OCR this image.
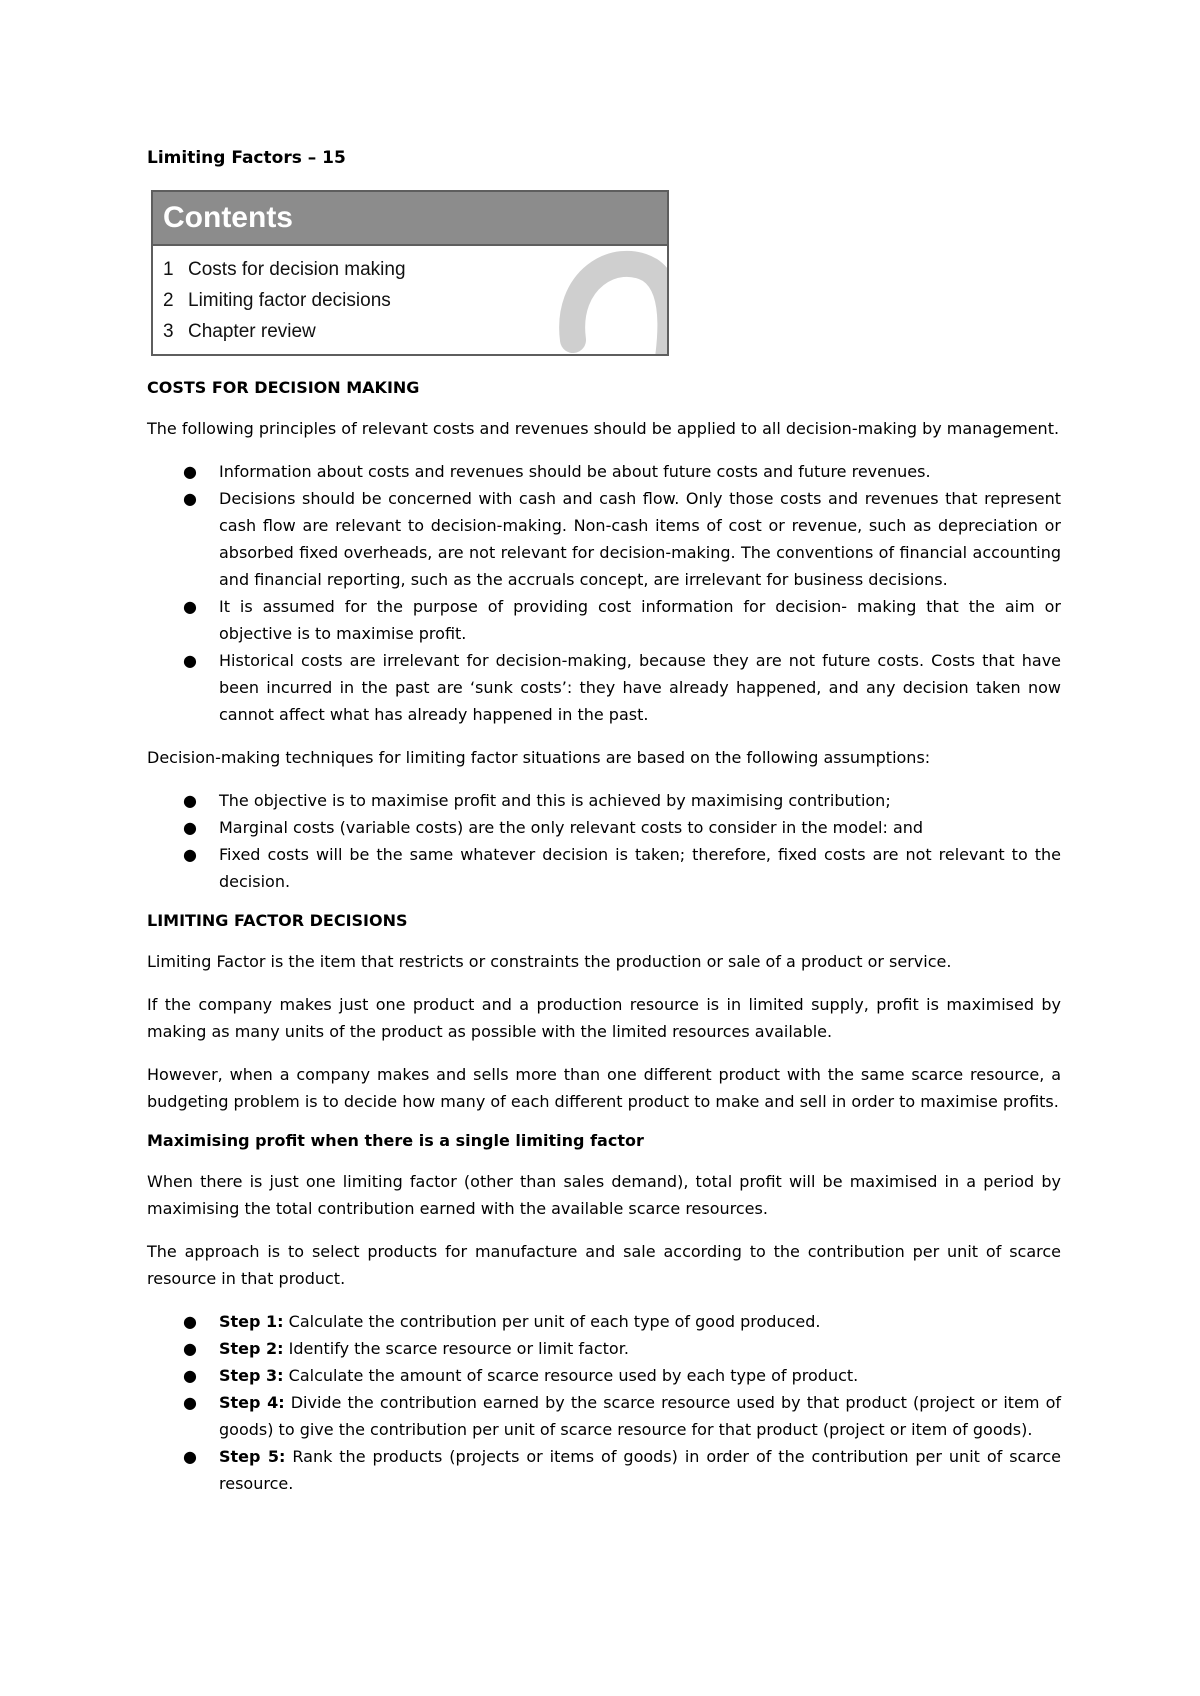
Limiting Factors – 15
Contents
1 Costs for decision making
2 Limiting factor decisions
3 Chapter review
COSTS FOR DECISION MAKING

The following principles of relevant costs and revenues should be applied to all decision-making by management.

● Information about costs and revenues should be about future costs and future revenues.
● Decisions should be concerned with cash and cash flow. Only those costs and revenues that represent cash flow are relevant to decision-making. Non-cash items of cost or revenue, such as depreciation or absorbed fixed overheads, are not relevant for decision-making. The conventions of financial accounting and financial reporting, such as the accruals concept, are irrelevant for business decisions.
● It is assumed for the purpose of providing cost information for decision- making that the aim or objective is to maximise profit.
● Historical costs are irrelevant for decision-making, because they are not future costs. Costs that have been incurred in the past are ‘sunk costs’: they have already happened, and any decision taken now cannot affect what has already happened in the past.

Decision-making techniques for limiting factor situations are based on the following assumptions:

● The objective is to maximise profit and this is achieved by maximising contribution;
● Marginal costs (variable costs) are the only relevant costs to consider in the model: and
● Fixed costs will be the same whatever decision is taken; therefore, fixed costs are not relevant to the decision.
LIMITING FACTOR DECISIONS

Limiting Factor is the item that restricts or constraints the production or sale of a product or service.

If the company makes just one product and a production resource is in limited supply, profit is maximised by making as many units of the product as possible with the limited resources available.

However, when a company makes and sells more than one different product with the same scarce resource, a budgeting problem is to decide how many of each different product to make and sell in order to maximise profits.

Maximising profit when there is a single limiting factor

When there is just one limiting factor (other than sales demand), total profit will be maximised in a period by maximising the total contribution earned with the available scarce resources.

The approach is to select products for manufacture and sale according to the contribution per unit of scarce resource in that product.

● Step 1: Calculate the contribution per unit of each type of good produced.
● Step 2: Identify the scarce resource or limit factor.
● Step 3: Calculate the amount of scarce resource used by each type of product.
● Step 4: Divide the contribution earned by the scarce resource used by that product (project or item of goods) to give the contribution per unit of scarce resource for that product (project or item of goods).
● Step 5: Rank the products (projects or items of goods) in order of the contribution per unit of scarce resource.
